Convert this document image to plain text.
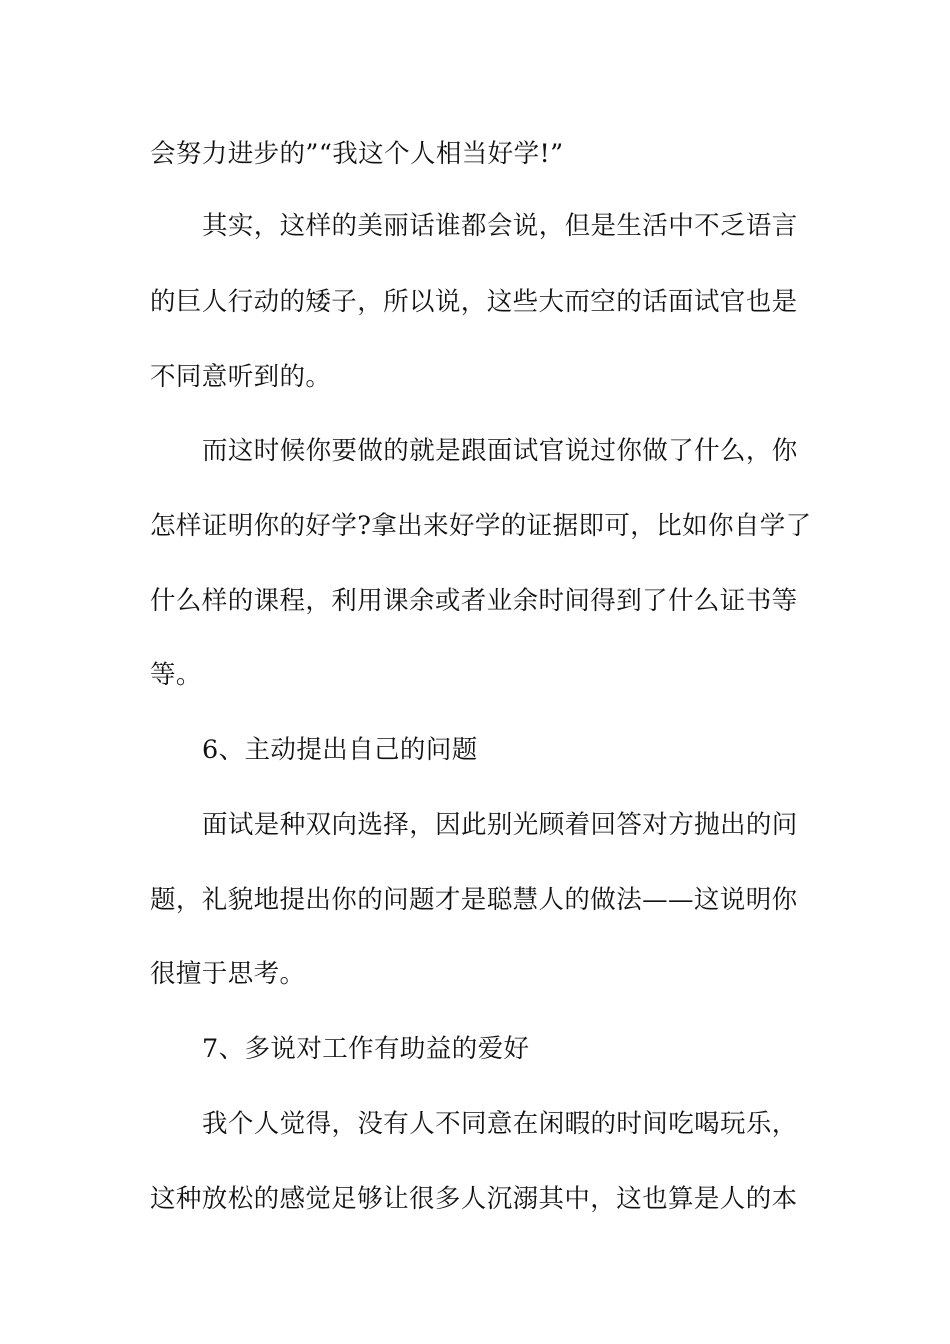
会努力进步的”“我这个人相当好学!”
其实，这样的美丽话谁都会说，但是生活中不乏语言
的巨人行动的矮子，所以说，这些大而空的话面试官也是
不同意听到的。
而这时候你要做的就是跟面试官说过你做了什么，你
怎样证明你的好学?拿出来好学的证据即可，比如你自学了
什么样的课程，利用课余或者业余时间得到了什么证书等
等。
6、主动提出自己的问题
面试是种双向选择，因此别光顾着回答对方抛出的问
题，礼貌地提出你的问题才是聪慧人的做法——这说明你
很擅于思考。
7、多说对工作有助益的爱好
我个人觉得，没有人不同意在闲暇的时间吃喝玩乐，
这种放松的感觉足够让很多人沉溺其中，这也算是人的本
